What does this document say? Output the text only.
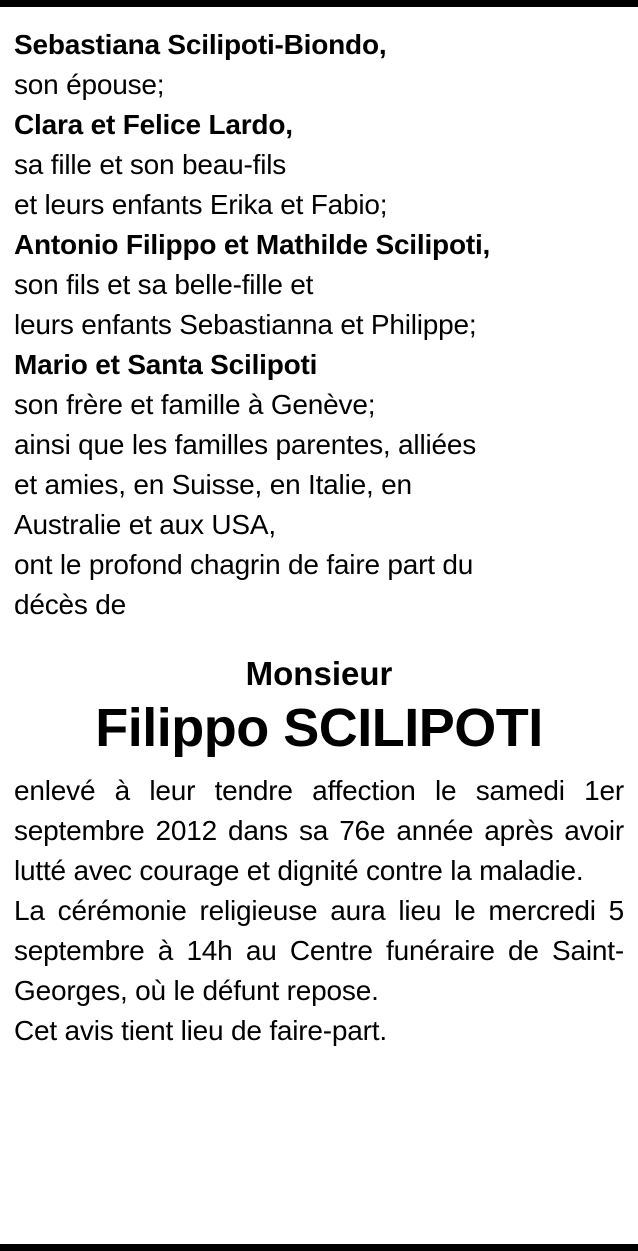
Sebastiana Scilipoti-Biondo,
son épouse;
Clara et Felice Lardo,
sa fille et son beau-fils
et leurs enfants Erika et Fabio;
Antonio Filippo et Mathilde Scilipoti,
son fils et sa belle-fille et
leurs enfants Sebastianna et Philippe;
Mario et Santa Scilipoti
son frère et famille à Genève;
ainsi que les familles parentes, alliées
et amies, en Suisse, en Italie, en
Australie et aux USA,
ont le profond chagrin de faire part du
décès de
Monsieur
Filippo SCILIPOTI
enlevé à leur tendre affection le samedi 1er septembre 2012 dans sa 76e année après avoir lutté avec courage et dignité contre la maladie.
La cérémonie religieuse aura lieu le mercredi 5 septembre à 14h au Centre funéraire de Saint-Georges, où le défunt repose.
Cet avis tient lieu de faire-part.
